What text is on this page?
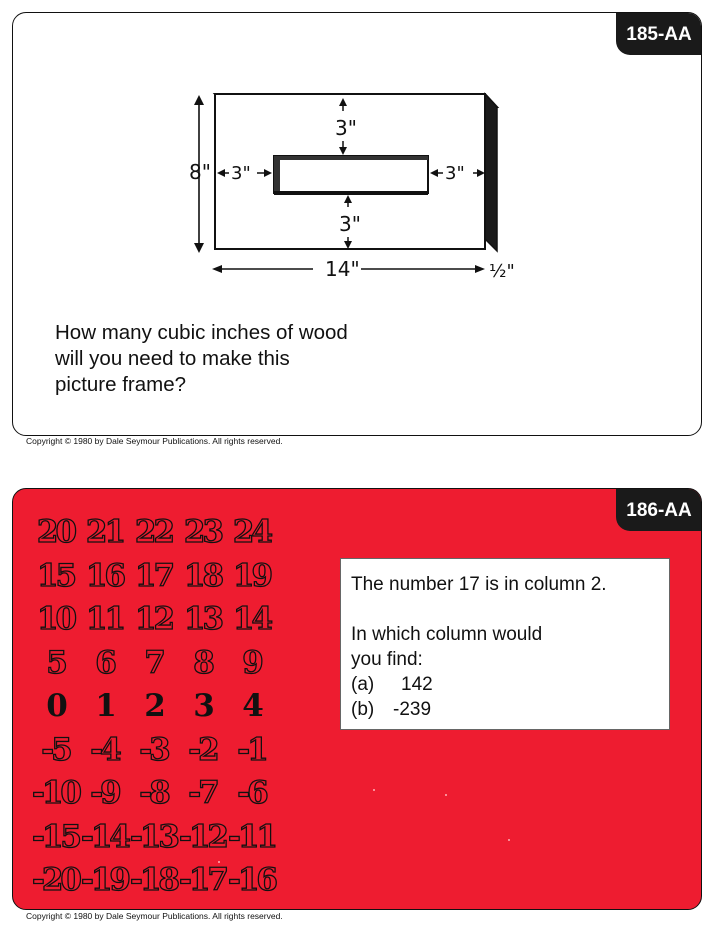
185-AA
8"
3"
3"
3"	3"
14"	½"

How many cubic inches of wood
will you need to make this
picture frame?

Copyright © 1980 by Dale Seymour Publications. All rights reserved.
186-AA
20 21 22 23 24
15 16 17 18 19
10 11 12 13 14
5 6 7 8 9
0 1 2 3 4
-5 -4 -3 -2 -1
-10 -9 -8 -7 -6
-15 -14 -13 -12 -11
-20 -19 -18 -17 -16

The number 17 is in column 2.

In which column would

you find:

(a)	142

(b) -239

Copyright © 1980 by Dale Seymour Publications. All rights reserved.
